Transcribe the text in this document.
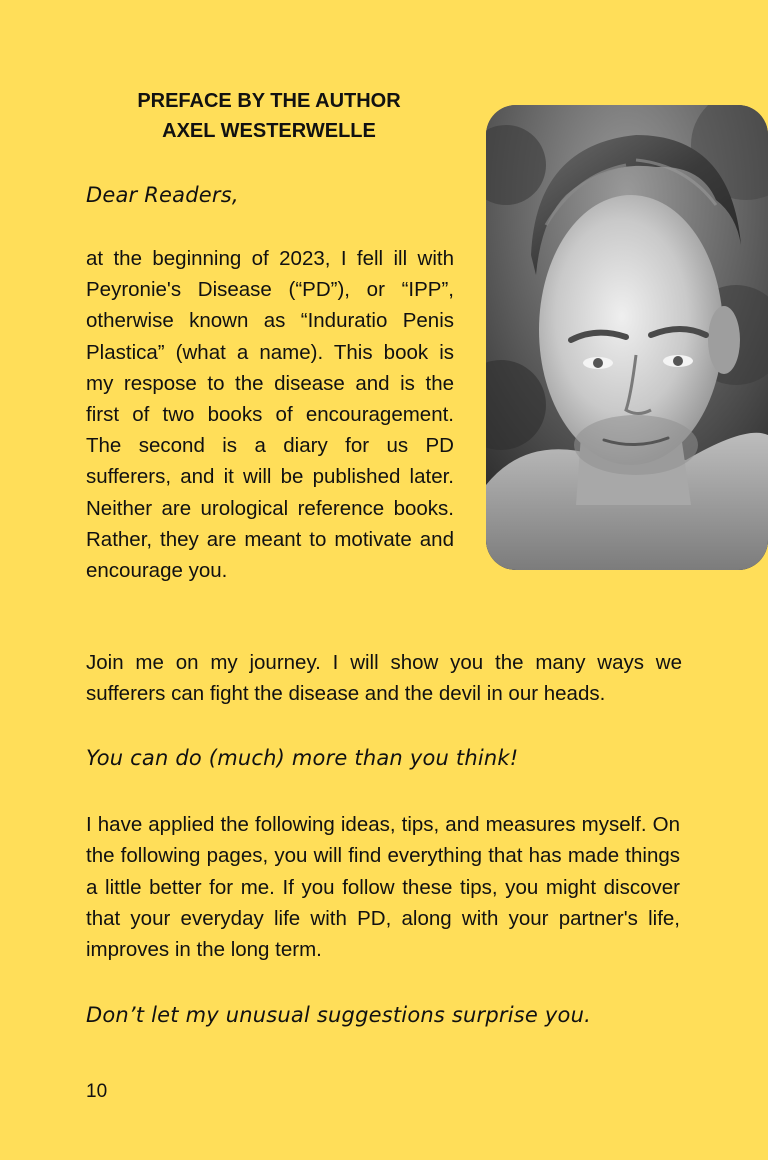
PREFACE BY THE AUTHOR
AXEL WESTERWELLE

Dear Readers,

at the beginning of 2023, I fell ill with Peyronie's Disease (“PD”), or “IPP”, otherwise known as “Induratio Penis Plastica” (what a name). This book is my respose to the disease and is the first of two books of encouragement. The second is a diary for us PD sufferers, and it will be published later. Neither are urological reference books. Rather, they are meant to motivate and encourage you.

Join me on my journey. I will show you the many ways we sufferers can fight the disease and the devil in our heads.

You can do (much) more than you think!

I have applied the following ideas, tips, and measures myself. On the following pages, you will find everything that has made things a little better for me. If you follow these tips, you might discover that your everyday life with PD, along with your partner's life, improves in the long term.

Don’t let my unusual suggestions surprise you.

10
